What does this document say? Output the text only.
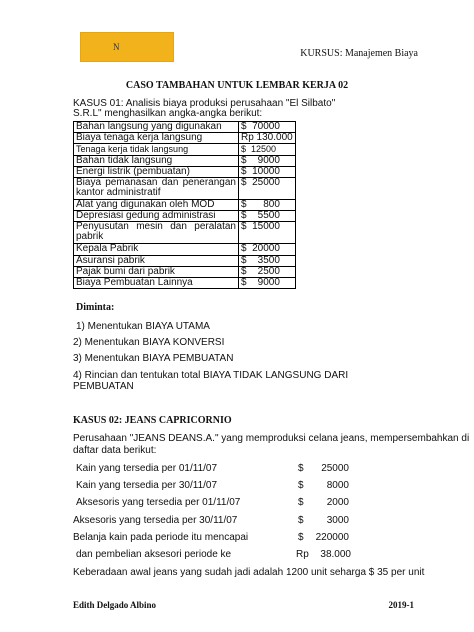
N
KURSUS: Manajemen Biaya
CASO TAMBAHAN UNTUK LEMBAR KERJA 02
KASUS 01: Analisis biaya produksi perusahaan "El Silbato"
S.R.L" menghasilkan angka-angka berikut:
Bahan langsung yang digunakan	$  70000
Biaya tenaga kerja langsung	Rp 130.000
Tenaga kerja tidak langsung	$  12500
Bahan tidak langsung	$    9000
Energi listrik (pembuatan)	$  10000
Biaya pemanasan dan penerangan kantor administratif	$  25000
Alat yang digunakan oleh MOD	$      800
Depresiasi gedung administrasi	$    5500
Penyusutan mesin dan peralatan pabrik	$  15000
Kepala Pabrik	$  20000
Asuransi pabrik	$    3500
Pajak bumi dari pabrik	$    2500
Biaya Pembuatan Lainnya	$    9000
Diminta:
1) Menentukan BIAYA UTAMA
2) Menentukan BIAYA KONVERSI
3) Menentukan BIAYA PEMBUATAN
4) Rincian dan tentukan total BIAYA TIDAK LANGSUNG DARI
PEMBUATAN
KASUS 02: JEANS CAPRICORNIO
Perusahaan "JEANS DEANS.A." yang memproduksi celana jeans, mempersembahkan di
daftar data berikut:
Kain yang tersedia per 01/11/07	$	25000
Kain yang tersedia per 30/11/07	$	8000
Aksesoris yang tersedia per 01/11/07	$	2000
Aksesoris yang tersedia per 30/11/07	$	3000
Belanja kain pada periode itu mencapai	$	220000
dan pembelian aksesori periode ke	Rp	38.000
Keberadaan awal jeans yang sudah jadi adalah 1200 unit seharga $ 35 per unit
Edith Delgado Albino	2019-1
